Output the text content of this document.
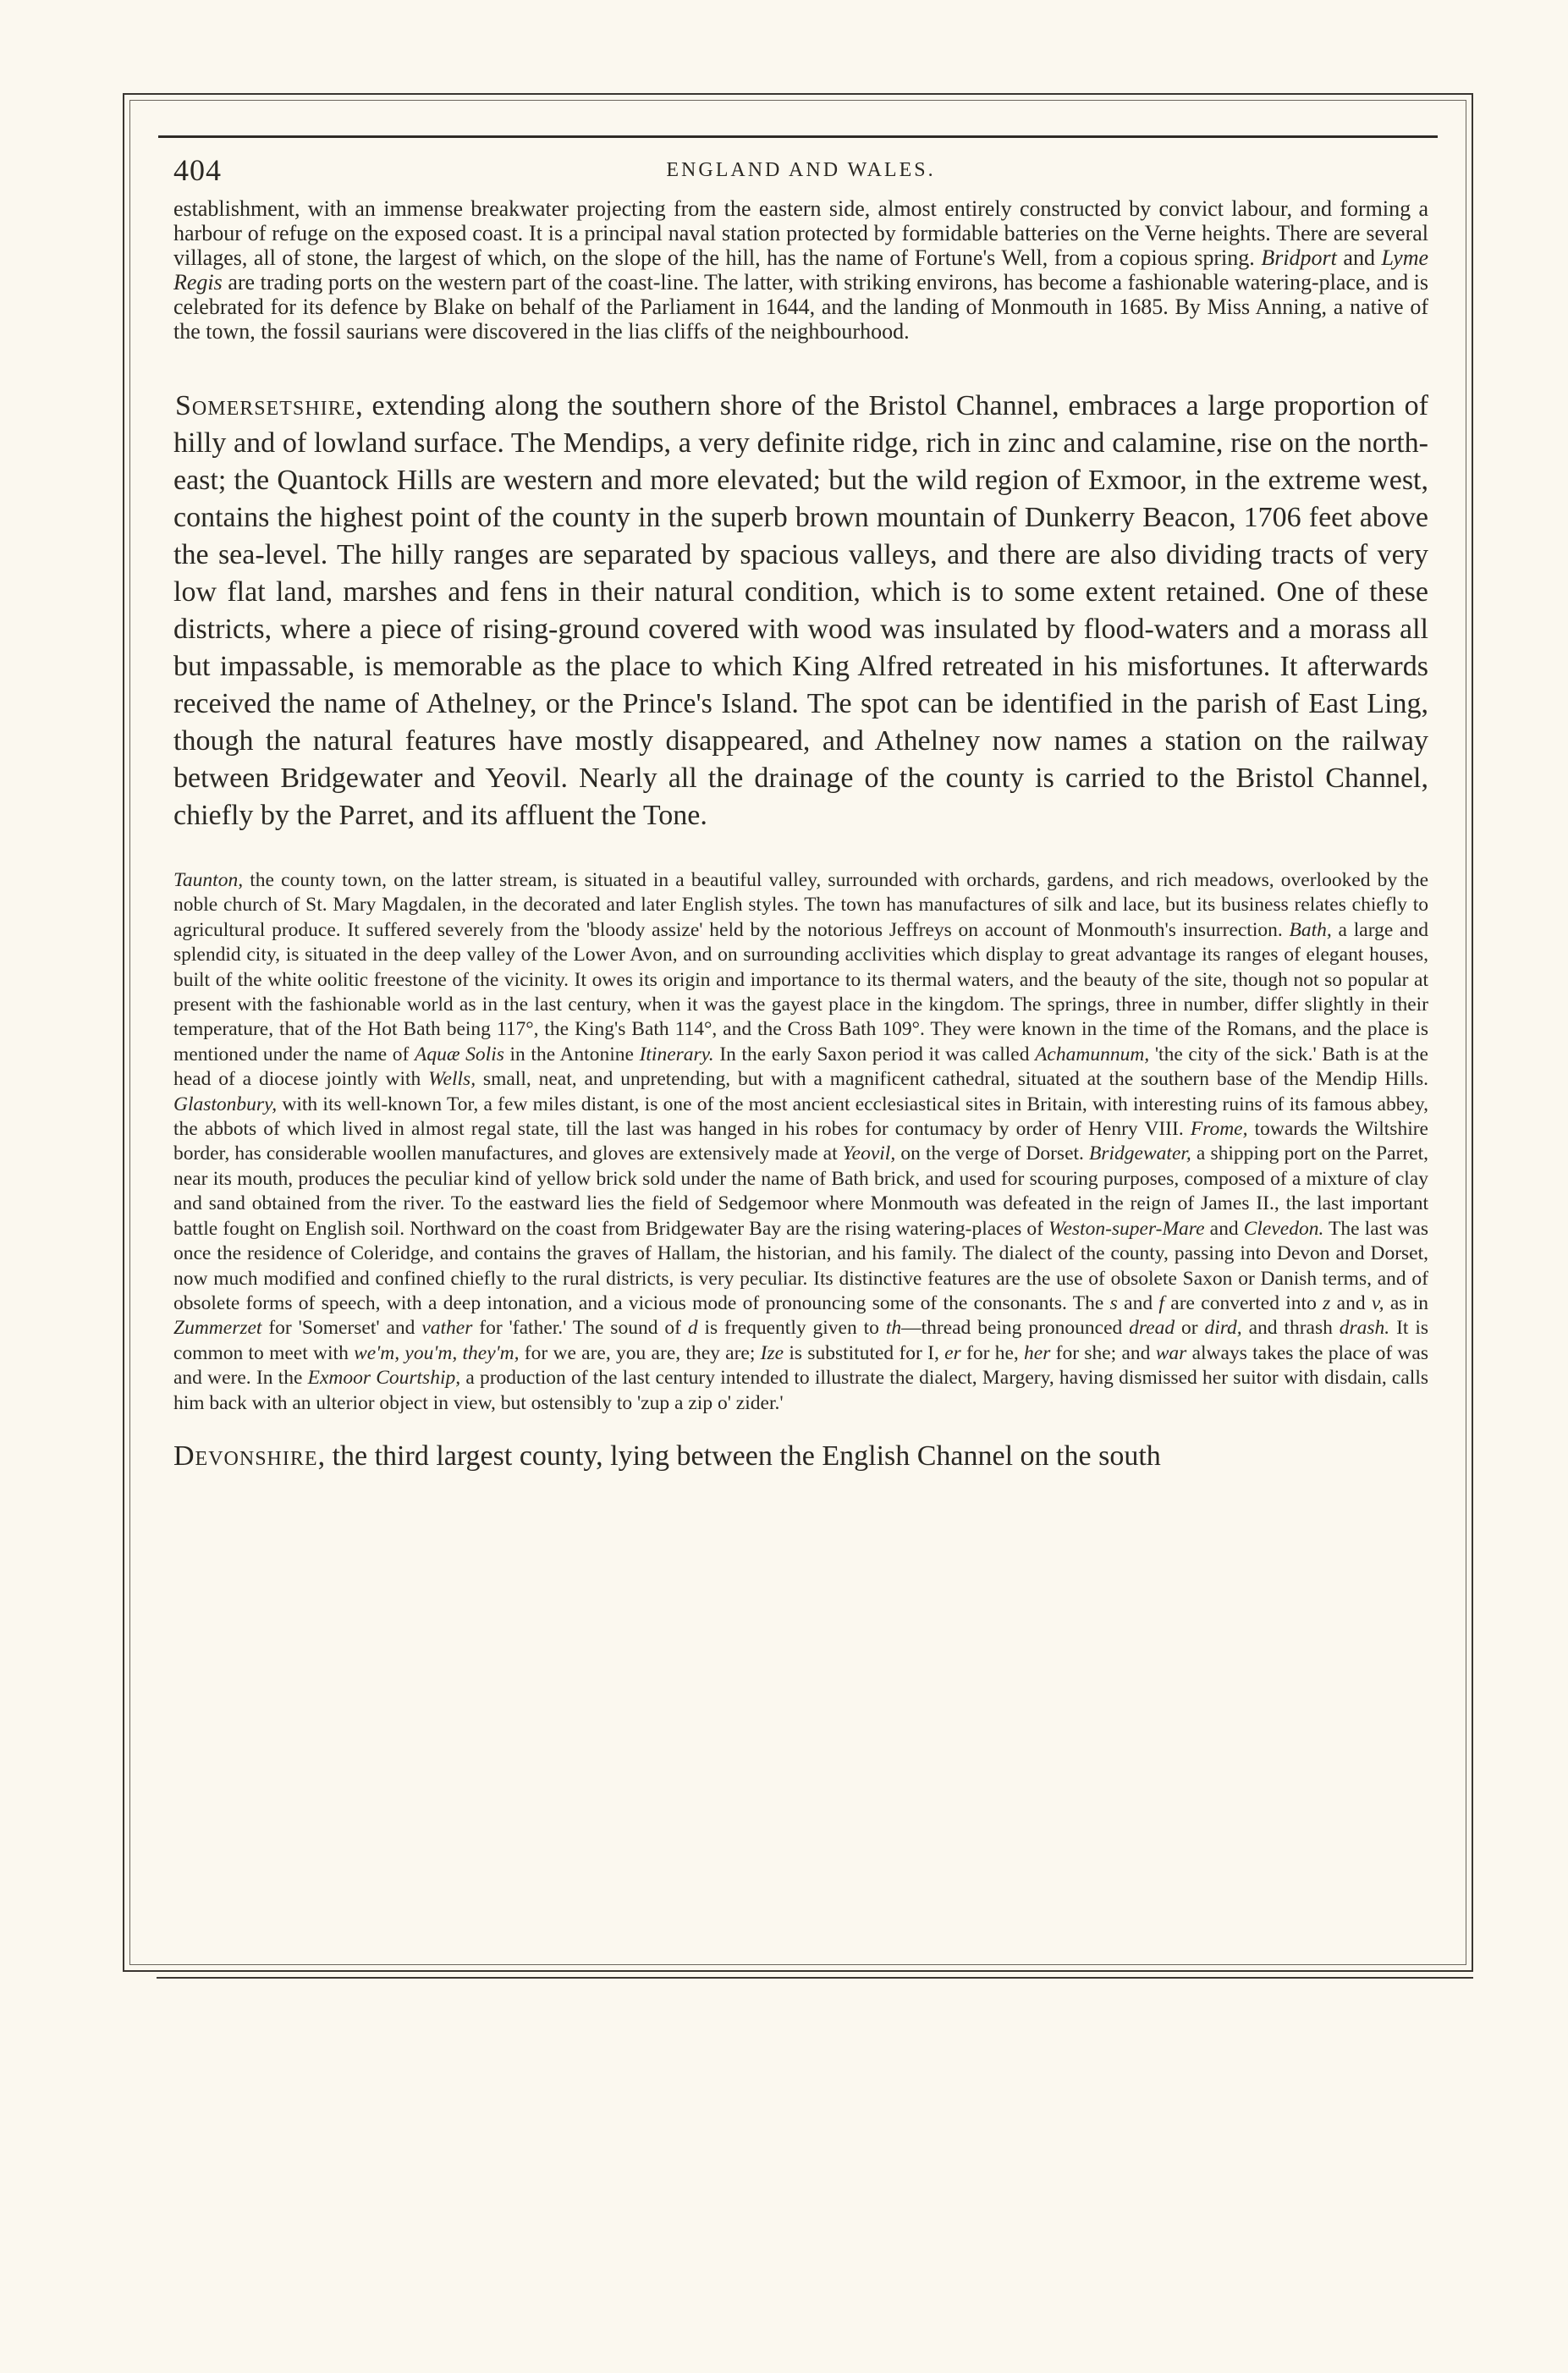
404	ENGLAND AND WALES.

establishment, with an immense breakwater projecting from the eastern side, almost entirely constructed by convict labour, and forming a harbour of refuge on the exposed coast. It is a principal naval station protected by formidable batteries on the Verne heights. There are several villages, all of stone, the largest of which, on the slope of the hill, has the name of Fortune's Well, from a copious spring. Bridport and Lyme Regis are trading ports on the western part of the coast-line. The latter, with striking environs, has become a fashionable watering-place, and is celebrated for its defence by Blake on behalf of the Parliament in 1644, and the landing of Monmouth in 1685. By Miss Anning, a native of the town, the fossil saurians were discovered in the lias cliffs of the neighbourhood.

Somersetshire, extending along the southern shore of the Bristol Channel, embraces a large proportion of hilly and of lowland surface. The Mendips, a very definite ridge, rich in zinc and calamine, rise on the north-east; the Quantock Hills are western and more elevated; but the wild region of Exmoor, in the extreme west, contains the highest point of the county in the superb brown mountain of Dunkerry Beacon, 1706 feet above the sea-level. The hilly ranges are separated by spacious valleys, and there are also dividing tracts of very low flat land, marshes and fens in their natural condition, which is to some extent retained. One of these districts, where a piece of rising-ground covered with wood was insulated by flood-waters and a morass all but impassable, is memorable as the place to which King Alfred retreated in his misfortunes. It afterwards received the name of Athelney, or the Prince's Island. The spot can be identified in the parish of East Ling, though the natural features have mostly disappeared, and Athelney now names a station on the railway between Bridgewater and Yeovil. Nearly all the drainage of the county is carried to the Bristol Channel, chiefly by the Parret, and its affluent the Tone.

Taunton, the county town, on the latter stream, is situated in a beautiful valley, surrounded with orchards, gardens, and rich meadows, overlooked by the noble church of St. Mary Magdalen, in the decorated and later English styles. The town has manufactures of silk and lace, but its business relates chiefly to agricultural produce. It suffered severely from the 'bloody assize' held by the notorious Jeffreys on account of Monmouth's insurrection. Bath, a large and splendid city, is situated in the deep valley of the Lower Avon, and on surrounding acclivities which display to great advantage its ranges of elegant houses, built of the white oolitic freestone of the vicinity. It owes its origin and importance to its thermal waters, and the beauty of the site, though not so popular at present with the fashionable world as in the last century, when it was the gayest place in the kingdom. The springs, three in number, differ slightly in their temperature, that of the Hot Bath being 117°, the King's Bath 114°, and the Cross Bath 109°. They were known in the time of the Romans, and the place is mentioned under the name of Aquæ Solis in the Antonine Itinerary. In the early Saxon period it was called Achamunnum, 'the city of the sick.' Bath is at the head of a diocese jointly with Wells, small, neat, and unpretending, but with a magnificent cathedral, situated at the southern base of the Mendip Hills. Glastonbury, with its well-known Tor, a few miles distant, is one of the most ancient ecclesiastical sites in Britain, with interesting ruins of its famous abbey, the abbots of which lived in almost regal state, till the last was hanged in his robes for contumacy by order of Henry VIII. Frome, towards the Wiltshire border, has considerable woollen manufactures, and gloves are extensively made at Yeovil, on the verge of Dorset. Bridgewater, a shipping port on the Parret, near its mouth, produces the peculiar kind of yellow brick sold under the name of Bath brick, and used for scouring purposes, composed of a mixture of clay and sand obtained from the river. To the eastward lies the field of Sedgemoor where Monmouth was defeated in the reign of James II., the last important battle fought on English soil. Northward on the coast from Bridgewater Bay are the rising watering-places of Weston-super-Mare and Clevedon. The last was once the residence of Coleridge, and contains the graves of Hallam, the historian, and his family. The dialect of the county, passing into Devon and Dorset, now much modified and confined chiefly to the rural districts, is very peculiar. Its distinctive features are the use of obsolete Saxon or Danish terms, and of obsolete forms of speech, with a deep intonation, and a vicious mode of pronouncing some of the consonants. The s and f are converted into z and v, as in Zummerzet for 'Somerset' and vather for 'father.' The sound of d is frequently given to th—thread being pronounced dread or dird, and thrash drash. It is common to meet with we'm, you'm, they'm, for we are, you are, they are; Ize is substituted for I, er for he, her for she; and war always takes the place of was and were. In the Exmoor Courtship, a production of the last century intended to illustrate the dialect, Margery, having dismissed her suitor with disdain, calls him back with an ulterior object in view, but ostensibly to 'zup a zip o' zider.'

Devonshire, the third largest county, lying between the English Channel on the south
